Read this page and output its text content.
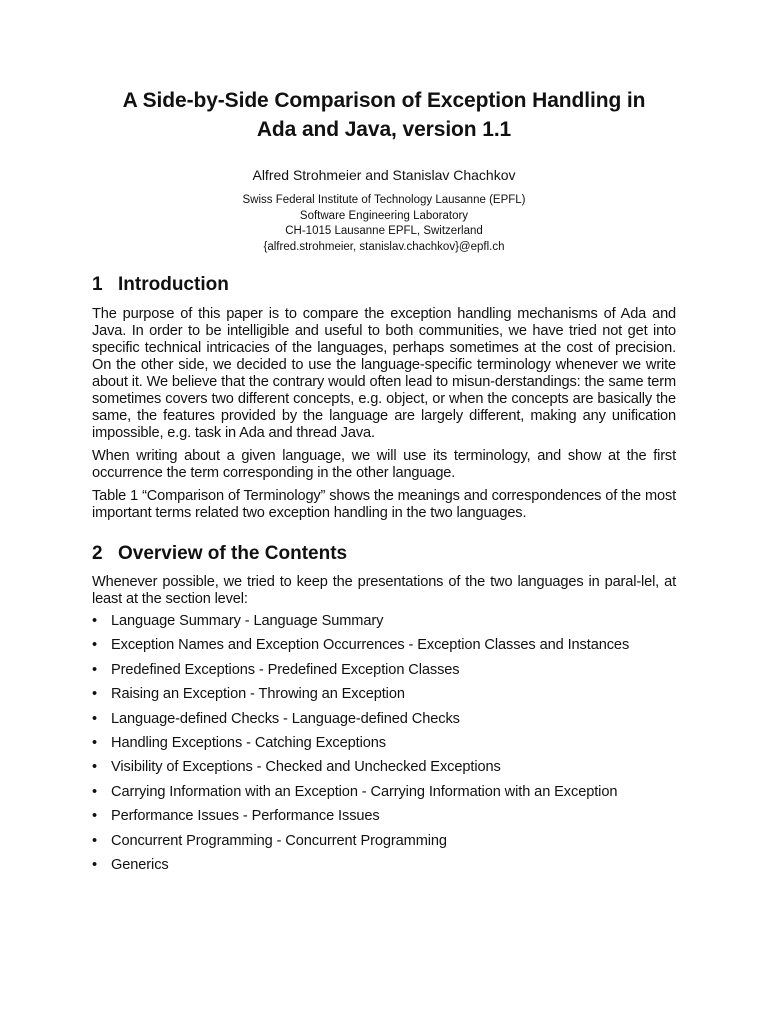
A Side-by-Side Comparison of Exception Handling in
Ada and Java, version 1.1
Alfred Strohmeier and Stanislav Chachkov
Swiss Federal Institute of Technology Lausanne (EPFL)
Software Engineering Laboratory
CH-1015 Lausanne EPFL, Switzerland
{alfred.strohmeier, stanislav.chachkov}@epfl.ch
1 Introduction

The purpose of this paper is to compare the exception handling mechanisms of Ada and Java. In order to be intelligible and useful to both communities, we have tried not get into specific technical intricacies of the languages, perhaps sometimes at the cost of precision. On the other side, we decided to use the language-specific terminology whenever we write about it. We believe that the contrary would often lead to misun-derstandings: the same term sometimes covers two different concepts, e.g. object, or when the concepts are basically the same, the features provided by the language are largely different, making any unification impossible, e.g. task in Ada and thread Java.

When writing about a given language, we will use its terminology, and show at the first occurrence the term corresponding in the other language.

Table 1 “Comparison of Terminology” shows the meanings and correspondences of the most important terms related two exception handling in the two languages.

2 Overview of the Contents

Whenever possible, we tried to keep the presentations of the two languages in paral-lel, at least at the section level:

• Language Summary - Language Summary
• Exception Names and Exception Occurrences - Exception Classes and Instances
• Predefined Exceptions - Predefined Exception Classes
• Raising an Exception - Throwing an Exception
• Language-defined Checks - Language-defined Checks
• Handling Exceptions - Catching Exceptions
• Visibility of Exceptions - Checked and Unchecked Exceptions
• Carrying Information with an Exception - Carrying Information with an Exception
• Performance Issues - Performance Issues
• Concurrent Programming - Concurrent Programming
• Generics
